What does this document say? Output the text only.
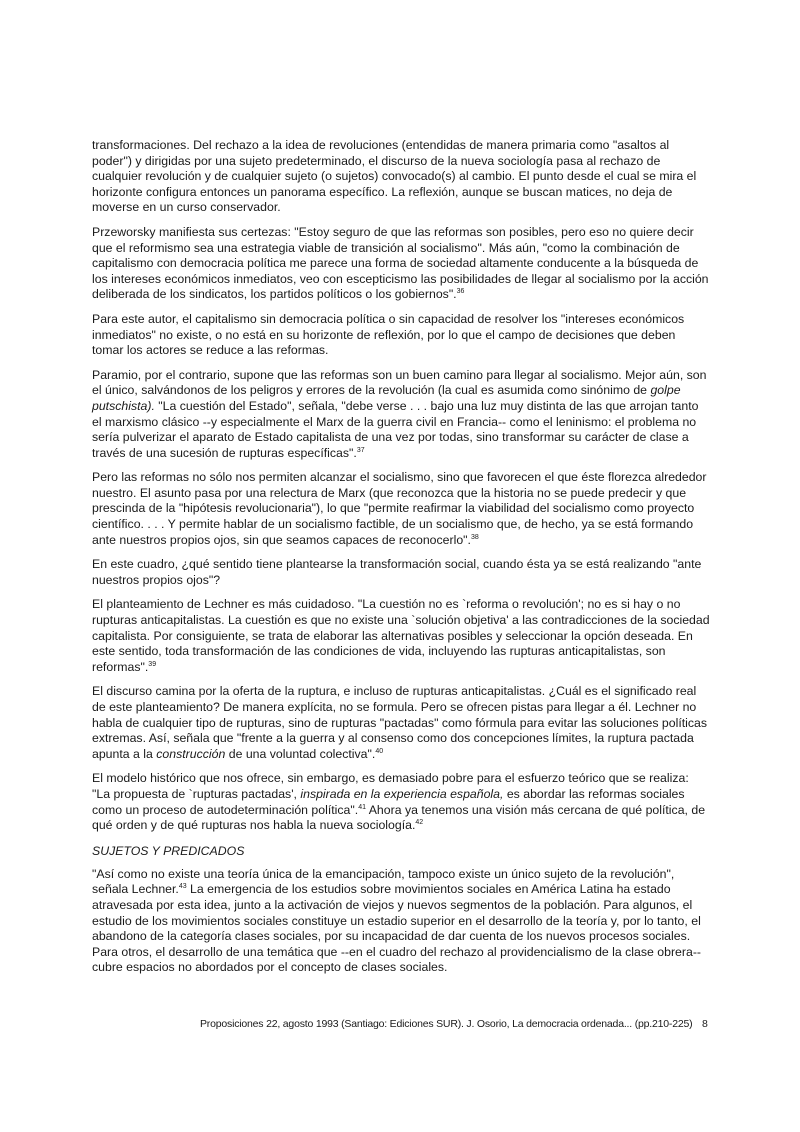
transformaciones. Del rechazo a la idea de revoluciones (entendidas de manera primaria como "asaltos al poder") y dirigidas por una sujeto predeterminado, el discurso de la nueva sociología pasa al rechazo de cualquier revolución y de cualquier sujeto (o sujetos) convocado(s) al cambio. El punto desde el cual se mira el horizonte configura entonces un panorama específico. La reflexión, aunque se buscan matices, no deja de moverse en un curso conservador.

Przeworsky manifiesta sus certezas: "Estoy seguro de que las reformas son posibles, pero eso no quiere decir que el reformismo sea una estrategia viable de transición al socialismo". Más aún, "como la combinación de capitalismo con democracia política me parece una forma de sociedad altamente conducente a la búsqueda de los intereses económicos inmediatos, veo con escepticismo las posibilidades de llegar al socialismo por la acción deliberada de los sindicatos, los partidos políticos o los gobiernos".$^{36}$

Para este autor, el capitalismo sin democracia política o sin capacidad de resolver los "intereses económicos inmediatos" no existe, o no está en su horizonte de reflexión, por lo que el campo de decisiones que deben tomar los actores se reduce a las reformas.

Paramio, por el contrario, supone que las reformas son un buen camino para llegar al socialismo. Mejor aún, son el único, salvándonos de los peligros y errores de la revolución (la cual es asumida como sinónimo de golpe putschista). "La cuestión del Estado", señala, "debe verse . . . bajo una luz muy distinta de las que arrojan tanto el marxismo clásico --y especialmente el Marx de la guerra civil en Francia-- como el leninismo: el problema no sería pulverizar el aparato de Estado capitalista de una vez por todas, sino transformar su carácter de clase a través de una sucesión de rupturas específicas".$^{37}$

Pero las reformas no sólo nos permiten alcanzar el socialismo, sino que favorecen el que éste florezca alrededor nuestro. El asunto pasa por una relectura de Marx (que reconozca que la historia no se puede predecir y que prescinda de la "hipótesis revolucionaria"), lo que "permite reafirmar la viabilidad del socialismo como proyecto científico. . . . Y permite hablar de un socialismo factible, de un socialismo que, de hecho, ya se está formando ante nuestros propios ojos, sin que seamos capaces de reconocerlo".$^{38}$

En este cuadro, ¿qué sentido tiene plantearse la transformación social, cuando ésta ya se está realizando "ante nuestros propios ojos"?

El planteamiento de Lechner es más cuidadoso. "La cuestión no es `reforma o revolución'; no es si hay o no rupturas anticapitalistas. La cuestión es que no existe una `solución objetiva' a las contradicciones de la sociedad capitalista. Por consiguiente, se trata de elaborar las alternativas posibles y seleccionar la opción deseada. En este sentido, toda transformación de las condiciones de vida, incluyendo las rupturas anticapitalistas, son reformas".$^{39}$

El discurso camina por la oferta de la ruptura, e incluso de rupturas anticapitalistas. ¿Cuál es el significado real de este planteamiento? De manera explícita, no se formula. Pero se ofrecen pistas para llegar a él. Lechner no habla de cualquier tipo de rupturas, sino de rupturas "pactadas" como fórmula para evitar las soluciones políticas extremas. Así, señala que "frente a la guerra y al consenso como dos concepciones límites, la ruptura pactada apunta a la construcción de una voluntad colectiva".$^{40}$

El modelo histórico que nos ofrece, sin embargo, es demasiado pobre para el esfuerzo teórico que se realiza: "La propuesta de `rupturas pactadas', inspirada en la experiencia española, es abordar las reformas sociales como un proceso de autodeterminación política".$^{41}$ Ahora ya tenemos una visión más cercana de qué política, de qué orden y de qué rupturas nos habla la nueva sociología.$^{42}$

SUJETOS Y PREDICADOS

"Así como no existe una teoría única de la emancipación, tampoco existe un único sujeto de la revolución", señala Lechner.$^{43}$ La emergencia de los estudios sobre movimientos sociales en América Latina ha estado atravesada por esta idea, junto a la activación de viejos y nuevos segmentos de la población. Para algunos, el estudio de los movimientos sociales constituye un estadio superior en el desarrollo de la teoría y, por lo tanto, el abandono de la categoría clases sociales, por su incapacidad de dar cuenta de los nuevos procesos sociales. Para otros, el desarrollo de una temática que --en el cuadro del rechazo al providencialismo de la clase obrera-- cubre espacios no abordados por el concepto de clases sociales.

Proposiciones 22, agosto 1993 (Santiago: Ediciones SUR). J. Osorio, La democracia ordenada... (pp.210-225) 8
